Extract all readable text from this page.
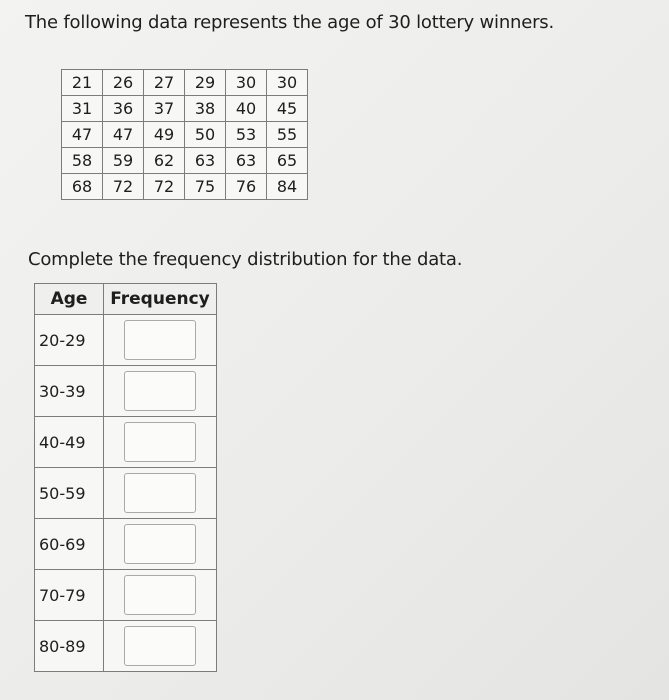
The following data represents the age of 30 lottery winners.

21	26	27	29	30	30
31	36	37	38	40	45
47	47	49	50	53	55
58	59	62	63	63	65
68	72	72	75	76	84

Complete the frequency distribution for the data.

Age	Frequency
20-29	

30-39	

40-49	

50-59	

60-69	

70-79	

80-89	
